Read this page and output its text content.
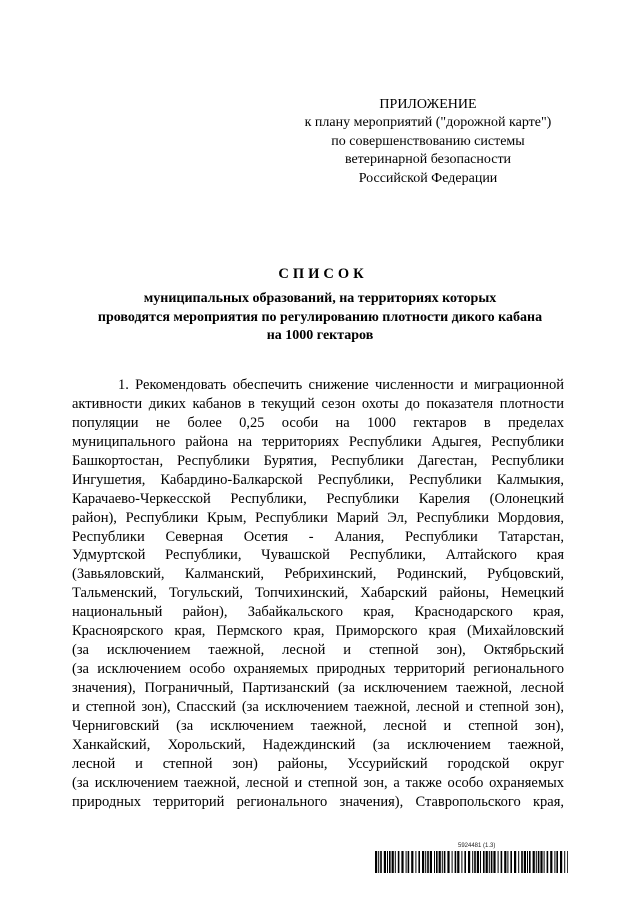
ПРИЛОЖЕНИЕ
к плану мероприятий ("дорожной карте")
по совершенствованию системы
ветеринарной безопасности
Российской Федерации
СПИСОК
муниципальных образований, на территориях которых
проводятся мероприятия по регулированию плотности дикого кабана
на 1000 гектаров
1. Рекомендовать обеспечить снижение численности и миграционной
активности диких кабанов в текущий сезон охоты до показателя плотности
популяции не более 0,25 особи на 1000 гектаров в пределах
муниципального района на территориях Республики Адыгея, Республики
Башкортостан, Республики Бурятия, Республики Дагестан, Республики
Ингушетия, Кабардино-Балкарской Республики, Республики Калмыкия,
Карачаево-Черкесской Республики, Республики Карелия (Олонецкий
район), Республики Крым, Республики Марий Эл, Республики Мордовия,
Республики Северная Осетия - Алания, Республики Татарстан,
Удмуртской Республики, Чувашской Республики, Алтайского края
(Завьяловский, Калманский, Ребрихинский, Родинский, Рубцовский,
Тальменский, Тогульский, Топчихинский, Хабарский районы, Немецкий
национальный район), Забайкальского края, Краснодарского края,
Красноярского края, Пермского края, Приморского края (Михайловский
(за исключением таежной, лесной и степной зон), Октябрьский
(за исключением особо охраняемых природных территорий регионального
значения), Пограничный, Партизанский (за исключением таежной, лесной
и степной зон), Спасский (за исключением таежной, лесной и степной зон),
Черниговский (за исключением таежной, лесной и степной зон),
Ханкайский, Хорольский, Надеждинский (за исключением таежной,
лесной и степной зон) районы, Уссурийский городской округ
(за исключением таежной, лесной и степной зон, а также особо охраняемых
природных территорий регионального значения), Ставропольского края,
5924481 (1.3)
